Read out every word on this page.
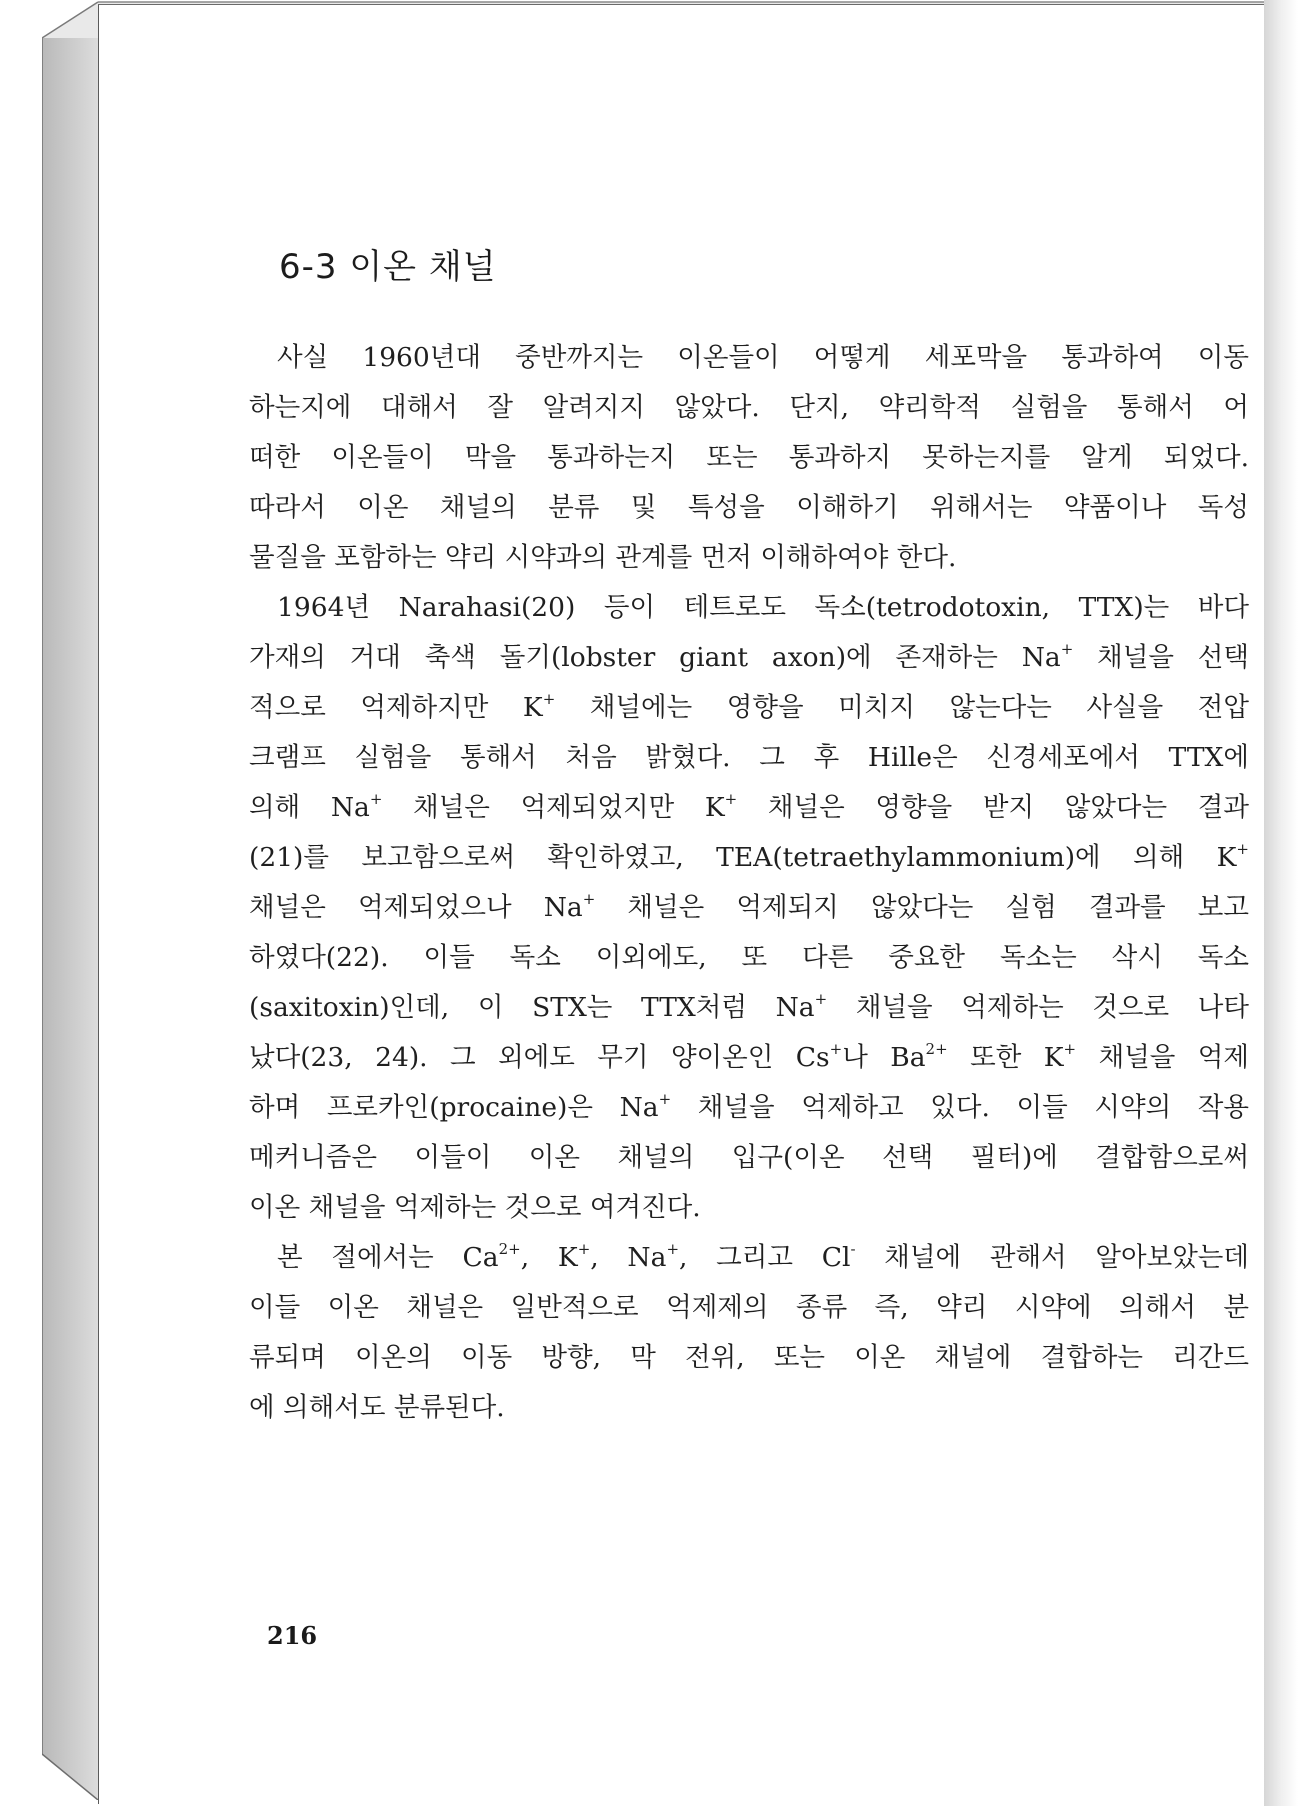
6-3 이온 채널
사실 1960년대 중반까지는 이온들이 어떻게 세포막을 통과하여 이동
하는지에 대해서 잘 알려지지 않았다. 단지, 약리학적 실험을 통해서 어
떠한 이온들이 막을 통과하는지 또는 통과하지 못하는지를 알게 되었다.
따라서 이온 채널의 분류 및 특성을 이해하기 위해서는 약품이나 독성
물질을 포함하는 약리 시약과의 관계를 먼저 이해하여야 한다.
1964년 Narahasi(20) 등이 테트로도 독소(tetrodotoxin, TTX)는 바다
가재의 거대 축색 돌기(lobster giant axon)에 존재하는 Na+ 채널을 선택
적으로 억제하지만 K+ 채널에는 영향을 미치지 않는다는 사실을 전압
크램프 실험을 통해서 처음 밝혔다. 그 후 Hille은 신경세포에서 TTX에
의해 Na+ 채널은 억제되었지만 K+ 채널은 영향을 받지 않았다는 결과
(21)를 보고함으로써 확인하였고, TEA(tetraethylammonium)에 의해 K+
채널은 억제되었으나 Na+ 채널은 억제되지 않았다는 실험 결과를 보고
하였다(22). 이들 독소 이외에도, 또 다른 중요한 독소는 삭시 독소
(saxitoxin)인데, 이 STX는 TTX처럼 Na+ 채널을 억제하는 것으로 나타
났다(23, 24). 그 외에도 무기 양이온인 Cs+나 $Ba^{2+}$ 또한 K+ 채널을 억제
하며 프로카인(procaine)은 Na+ 채널을 억제하고 있다. 이들 시약의 작용
메커니즘은 이들이 이온 채널의 입구(이온 선택 필터)에 결합함으로써
이온 채널을 억제하는 것으로 여겨진다.
본 절에서는 $Ca^{2+}$, K+, Na+, 그리고 Cl- 채널에 관해서 알아보았는데
이들 이온 채널은 일반적으로 억제제의 종류 즉, 약리 시약에 의해서 분
류되며 이온의 이동 방향, 막 전위, 또는 이온 채널에 결합하는 리간드
에 의해서도 분류된다.
216
